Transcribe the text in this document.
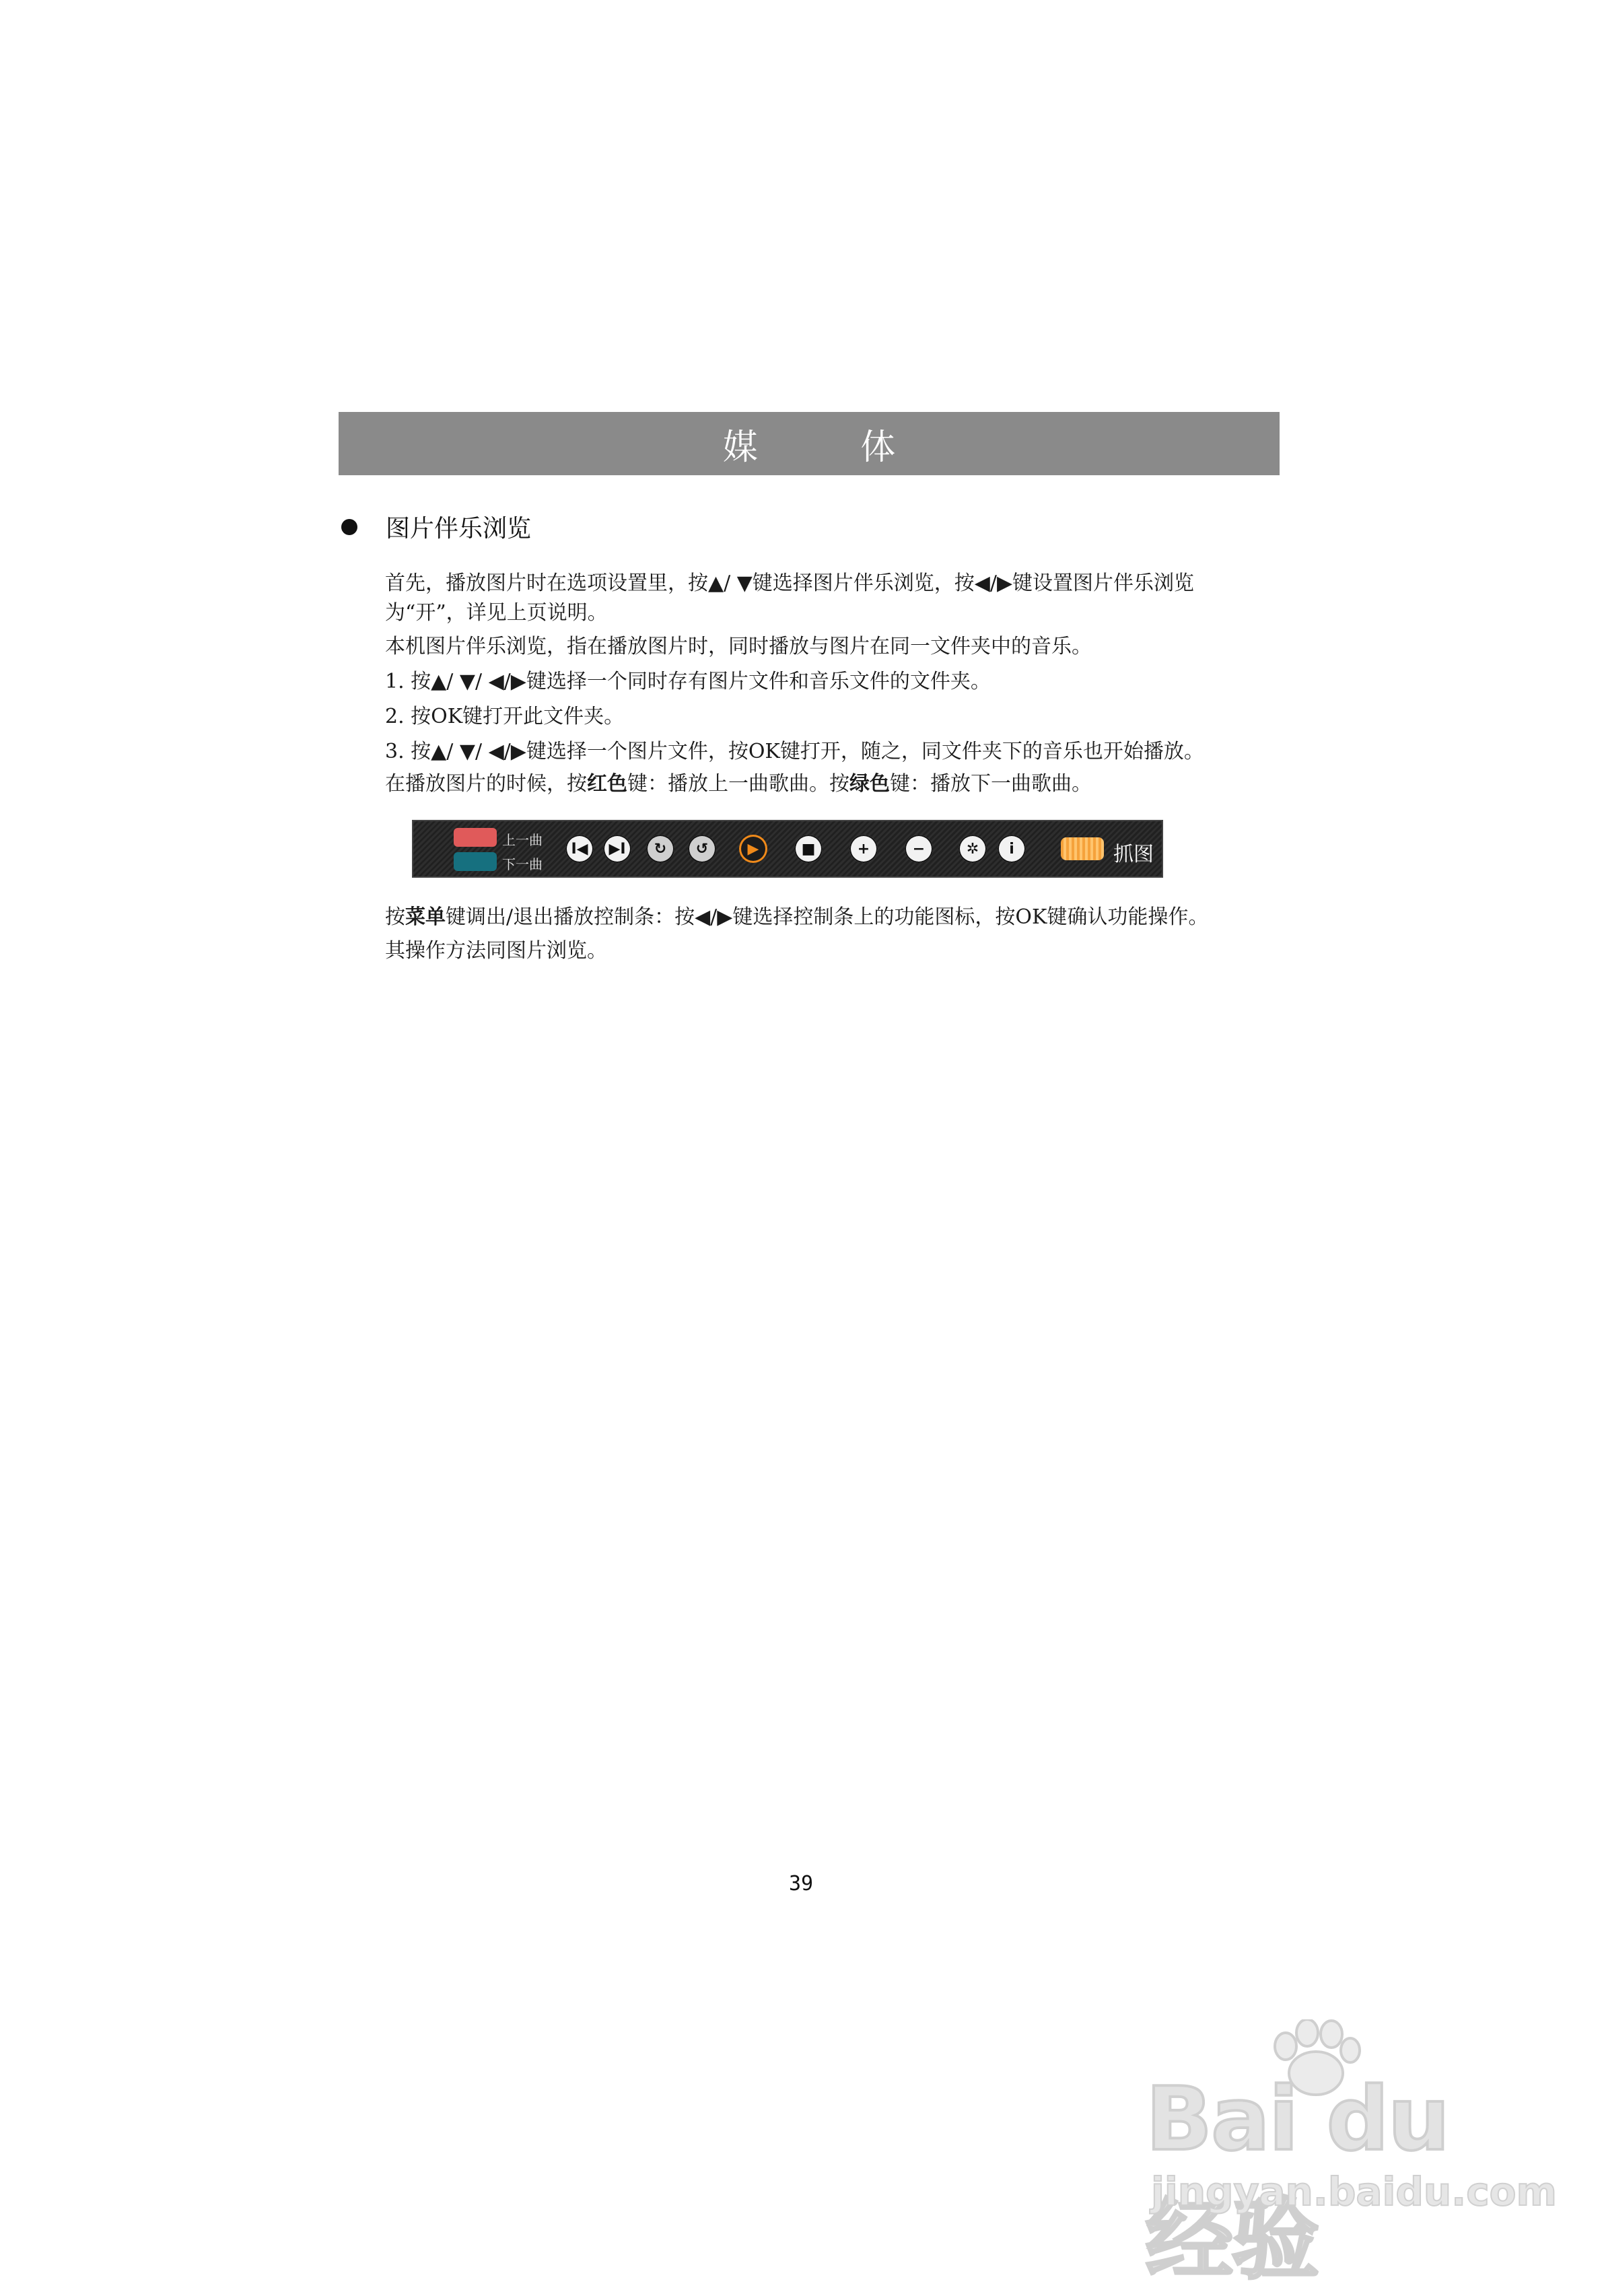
媒 体
图片伴乐浏览
首先，播放图片时在选项设置里，按▲/ ▼键选择图片伴乐浏览，按◀/▶键设置图片伴乐浏览
为“开”，详见上页说明。
本机图片伴乐浏览，指在播放图片时，同时播放与图片在同一文件夹中的音乐。
1. 按▲/ ▼/ ◀/▶键选择一个同时存有图片文件和音乐文件的文件夹。
2. 按OK键打开此文件夹。
3. 按▲/ ▼/ ◀/▶键选择一个图片文件，按OK键打开，随之，同文件夹下的音乐也开始播放。
在播放图片的时候，按红色键：播放上一曲歌曲。按绿色键：播放下一曲歌曲。
上一曲
下一曲
I◀	▶I	↻	↺	▶	■	+	−	✲	i	抓图
按菜单键调出/退出播放控制条：按◀/▶键选择控制条上的功能图标，按OK键确认功能操作。
其操作方法同图片浏览。
39
Bai du 经验
jingyan.baidu.com
